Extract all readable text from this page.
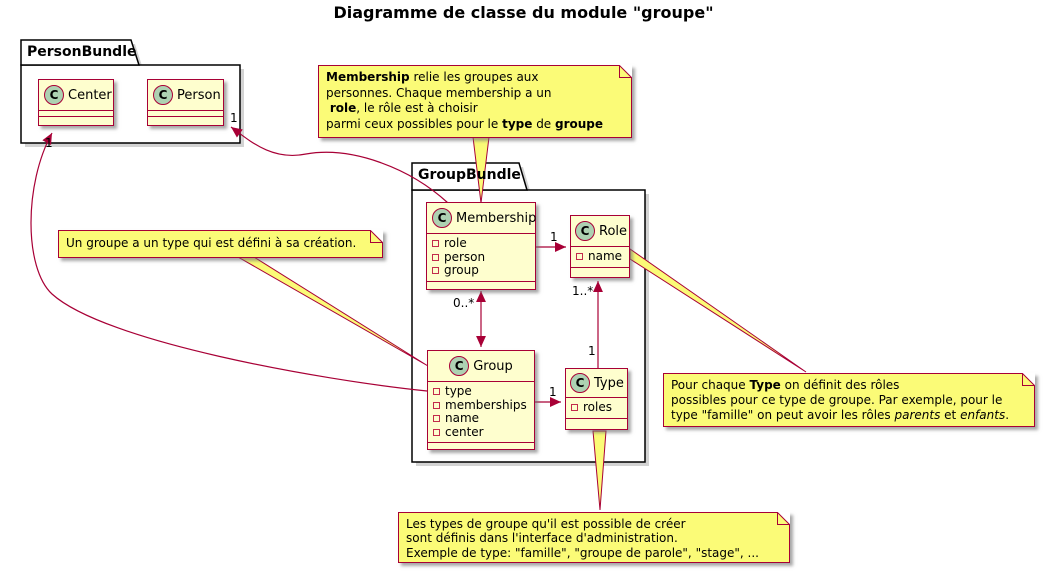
Diagramme de classe du module "groupe"
PersonBundle
GroupBundle
C Center	C Person
C Membership
role
person
group
C Role
name
C Group
type
memberships
name
center
C Type
roles
Membership relie les groupes aux
personnes. Chaque membership a un
role, le rôle est à choisir
parmi ceux possibles pour le type de groupe
Un groupe a un type qui est défini à sa création.
Pour chaque Type on définit des rôles
possibles pour ce type de groupe. Par exemple, pour le
type "famille" on peut avoir les rôles parents et enfants.
Les types de groupe qu'il est possible de créer
sont définis dans l'interface d'administration.
Exemple de type: "famille", "groupe de parole", "stage", ...
1
1
1
1..*
1
1
0..*
